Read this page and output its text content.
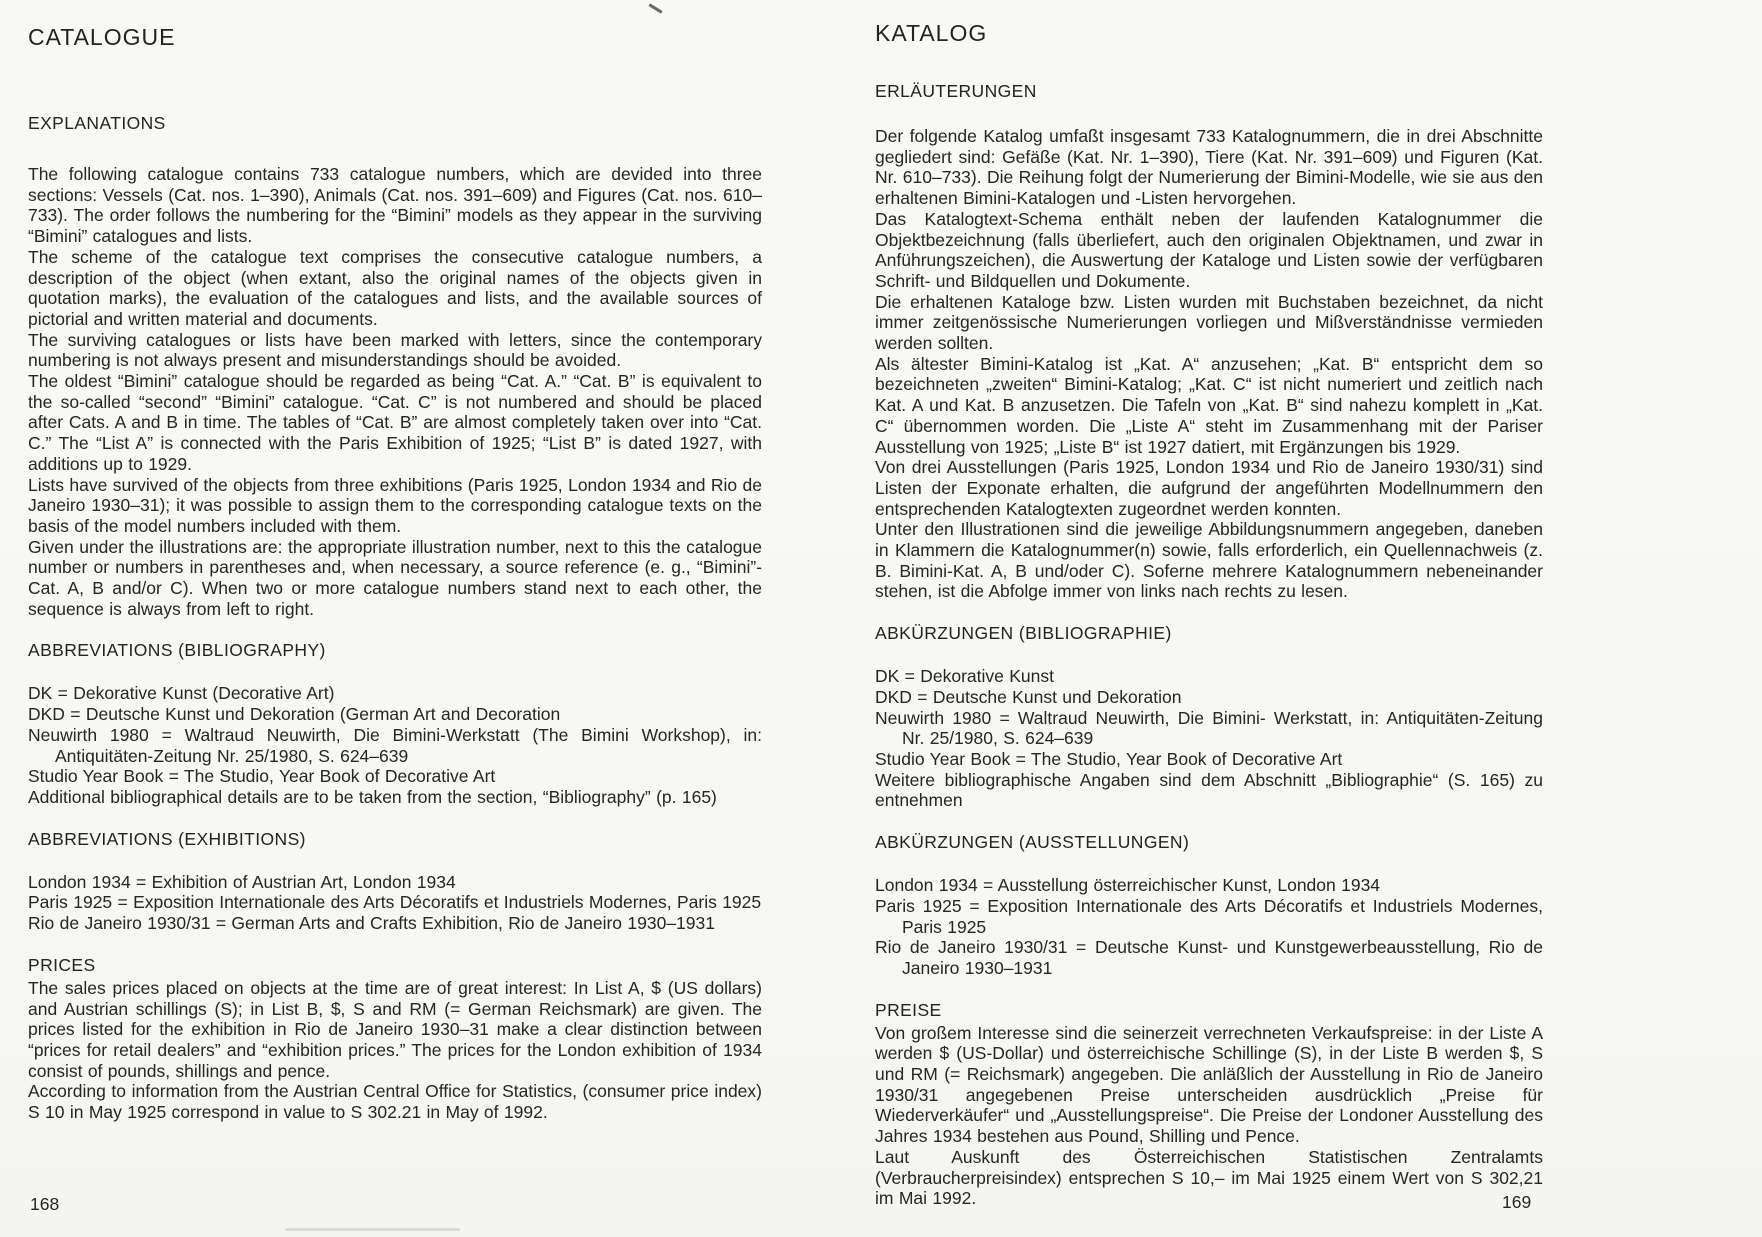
CATALOGUE
EXPLANATIONS

The following catalogue contains 733 catalogue numbers, which are devided into three sections: Vessels (Cat. nos. 1–390), Animals (Cat. nos. 391–609) and Figures (Cat. nos. 610–733). The order follows the numbering for the “Bimini” models as they appear in the surviving “Bimini” catalogues and lists.

The scheme of the catalogue text comprises the consecutive catalogue numbers, a description of the object (when extant, also the original names of the objects given in quotation marks), the evaluation of the catalogues and lists, and the available sources of pictorial and written material and documents.

The surviving catalogues or lists have been marked with letters, since the contemporary numbering is not always present and misunderstandings should be avoided.

The oldest “Bimini” catalogue should be regarded as being “Cat. A.” “Cat. B” is equivalent to the so-called “second” “Bimini” catalogue. “Cat. C” is not numbered and should be placed after Cats. A and B in time. The tables of “Cat. B” are almost completely taken over into “Cat. C.” The “List A” is connected with the Paris Exhibition of 1925; “List B” is dated 1927, with additions up to 1929.

Lists have survived of the objects from three exhibitions (Paris 1925, London 1934 and Rio de Janeiro 1930–31); it was possible to assign them to the corresponding catalogue texts on the basis of the model numbers included with them.

Given under the illustrations are: the appropriate illustration number, next to this the catalogue number or numbers in parentheses and, when necessary, a source reference (e. g., “Bimini”-Cat. A, B and/or C). When two or more catalogue numbers stand next to each other, the sequence is always from left to right.

ABBREVIATIONS (BIBLIOGRAPHY)

DK = Dekorative Kunst (Decorative Art)

DKD = Deutsche Kunst und Dekoration (German Art and Decoration

Neuwirth 1980 = Waltraud Neuwirth, Die Bimini-Werkstatt (The Bimini Workshop), in: Antiquitäten-Zeitung Nr. 25/1980, S. 624–639

Studio Year Book = The Studio, Year Book of Decorative Art

Additional bibliographical details are to be taken from the section, “Bibliography” (p. 165)

ABBREVIATIONS (EXHIBITIONS)

London 1934 = Exhibition of Austrian Art, London 1934

Paris 1925 = Exposition Internationale des Arts Décoratifs et Industriels Modernes, Paris 1925

Rio de Janeiro 1930/31 = German Arts and Crafts Exhibition, Rio de Janeiro 1930–1931

PRICES

The sales prices placed on objects at the time are of great interest: In List A, $ (US dollars) and Austrian schillings (S); in List B, $, S and RM (= German Reichsmark) are given. The prices listed for the exhibition in Rio de Janeiro 1930–31 make a clear distinction between “prices for retail dealers” and “exhibition prices.” The prices for the London exhibition of 1934 consist of pounds, shillings and pence.

According to information from the Austrian Central Office for Statistics, (consumer price index) S 10 in May 1925 correspond in value to S 302.21 in May of 1992.

KATALOG
ERLÄUTERUNGEN

Der folgende Katalog umfaßt insgesamt 733 Katalognummern, die in drei Abschnitte gegliedert sind: Gefäße (Kat. Nr. 1–390), Tiere (Kat. Nr. 391–609) und Figuren (Kat. Nr. 610–733). Die Reihung folgt der Numerierung der Bimini-Modelle, wie sie aus den erhaltenen Bimini-Katalogen und -Listen hervorgehen.

Das Katalogtext-Schema enthält neben der laufenden Katalognummer die Objektbezeichnung (falls überliefert, auch den originalen Objektnamen, und zwar in Anführungszeichen), die Auswertung der Kataloge und Listen sowie der verfügbaren Schrift- und Bildquellen und Dokumente.

Die erhaltenen Kataloge bzw. Listen wurden mit Buchstaben bezeichnet, da nicht immer zeitgenössische Numerierungen vorliegen und Mißverständnisse vermieden werden sollten.

Als ältester Bimini-Katalog ist „Kat. A“ anzusehen; „Kat. B“ entspricht dem so bezeichneten „zweiten“ Bimini-Katalog; „Kat. C“ ist nicht numeriert und zeitlich nach Kat. A und Kat. B anzusetzen. Die Tafeln von „Kat. B“ sind nahezu komplett in „Kat. C“ übernommen worden. Die „Liste A“ steht im Zusammenhang mit der Pariser Ausstellung von 1925; „Liste B“ ist 1927 datiert, mit Ergänzungen bis 1929.

Von drei Ausstellungen (Paris 1925, London 1934 und Rio de Janeiro 1930/31) sind Listen der Exponate erhalten, die aufgrund der angeführten Modellnummern den entsprechenden Katalogtexten zugeordnet werden konnten.

Unter den Illustrationen sind die jeweilige Abbildungsnummern angegeben, daneben in Klammern die Katalognummer(n) sowie, falls erforderlich, ein Quellennachweis (z. B. Bimini-Kat. A, B und/oder C). Soferne mehrere Katalognummern nebeneinander stehen, ist die Abfolge immer von links nach rechts zu lesen.

ABKÜRZUNGEN (BIBLIOGRAPHIE)

DK = Dekorative Kunst

DKD = Deutsche Kunst und Dekoration

Neuwirth 1980 = Waltraud Neuwirth, Die Bimini- Werkstatt, in: Antiquitäten-Zeitung Nr. 25/1980, S. 624–639

Studio Year Book = The Studio, Year Book of Decorative Art

Weitere bibliographische Angaben sind dem Abschnitt „Bibliographie“ (S. 165) zu entnehmen

ABKÜRZUNGEN (AUSSTELLUNGEN)

London 1934 = Ausstellung österreichischer Kunst, London 1934

Paris 1925 = Exposition Internationale des Arts Décoratifs et Industriels Modernes, Paris 1925

Rio de Janeiro 1930/31 = Deutsche Kunst- und Kunstgewerbeausstellung, Rio de Janeiro 1930–1931

PREISE

Von großem Interesse sind die seinerzeit verrechneten Verkaufspreise: in der Liste A werden $ (US-Dollar) und österreichische Schillinge (S), in der Liste B werden $, S und RM (= Reichsmark) angegeben. Die anläßlich der Ausstellung in Rio de Janeiro 1930/31 angegebenen Preise unterscheiden ausdrücklich „Preise für Wiederverkäufer“ und „Ausstellungspreise“. Die Preise der Londoner Ausstellung des Jahres 1934 bestehen aus Pound, Shilling und Pence.

Laut Auskunft des Österreichischen Statistischen Zentralamts (Verbraucherpreisindex) entsprechen S 10,– im Mai 1925 einem Wert von S 302,21 im Mai 1992.

168	169
